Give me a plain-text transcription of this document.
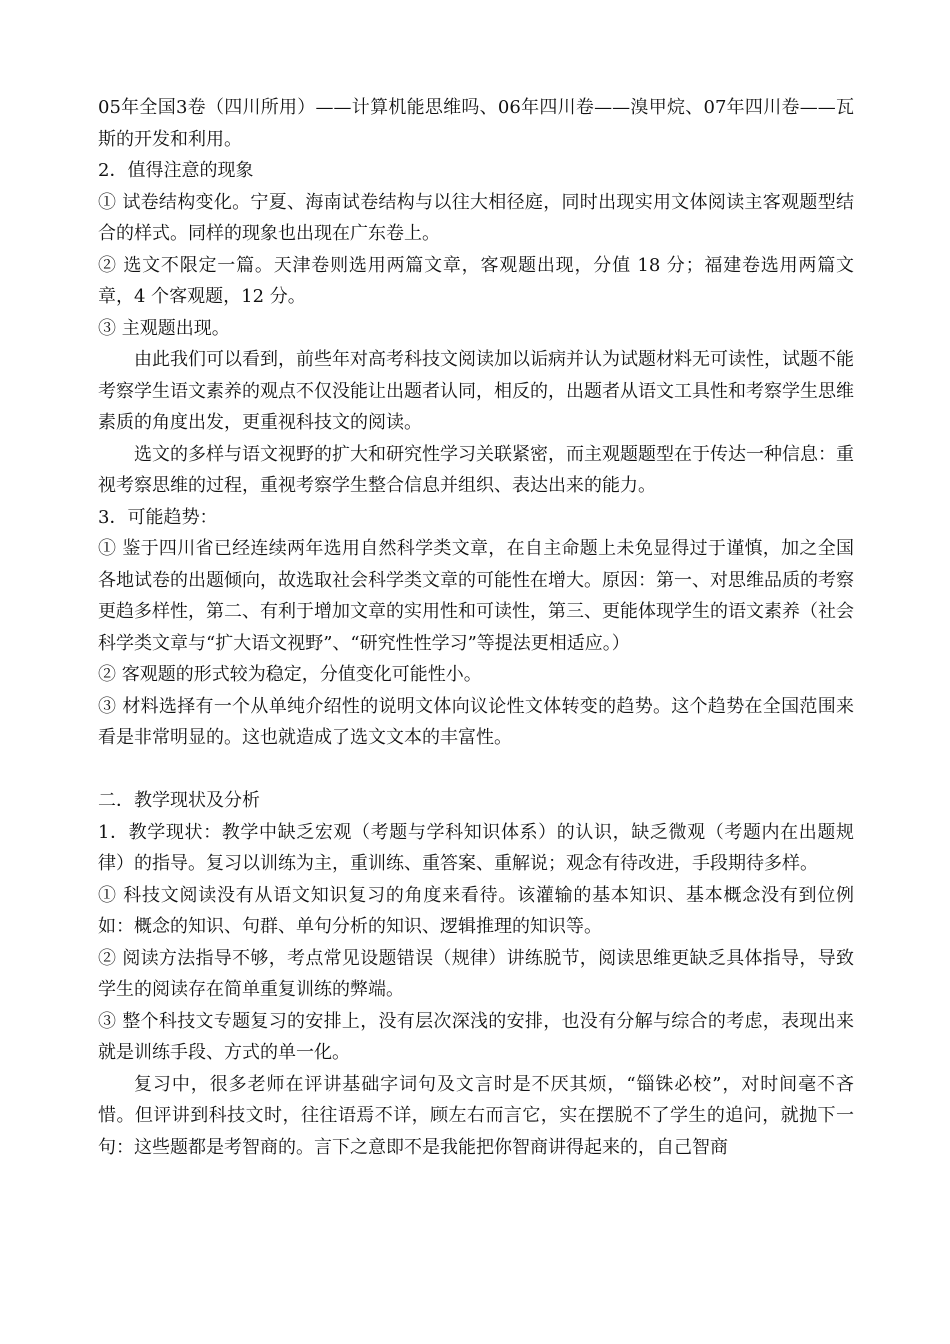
05年全国3卷（四川所用）——计算机能思维吗、06年四川卷——溴甲烷、07年四川卷——瓦斯的开发和利用。

2．值得注意的现象

① 试卷结构变化。宁夏、海南试卷结构与以往大相径庭，同时出现实用文体阅读主客观题型结合的样式。同样的现象也出现在广东卷上。

② 选文不限定一篇。天津卷则选用两篇文章，客观题出现，分值 18 分；福建卷选用两篇文章，4 个客观题，12 分。

③ 主观题出现。

由此我们可以看到，前些年对高考科技文阅读加以诟病并认为试题材料无可读性，试题不能考察学生语文素养的观点不仅没能让出题者认同，相反的，出题者从语文工具性和考察学生思维素质的角度出发，更重视科技文的阅读。

选文的多样与语文视野的扩大和研究性学习关联紧密，而主观题题型在于传达一种信息：重视考察思维的过程，重视考察学生整合信息并组织、表达出来的能力。

3．可能趋势：

① 鉴于四川省已经连续两年选用自然科学类文章，在自主命题上未免显得过于谨慎，加之全国各地试卷的出题倾向，故选取社会科学类文章的可能性在增大。原因：第一、对思维品质的考察更趋多样性，第二、有利于增加文章的实用性和可读性，第三、更能体现学生的语文素养（社会科学类文章与“扩大语文视野”、“研究性性学习”等提法更相适应。）

② 客观题的形式较为稳定，分值变化可能性小。

③ 材料选择有一个从单纯介绍性的说明文体向议论性文体转变的趋势。这个趋势在全国范围来看是非常明显的。这也就造成了选文文本的丰富性。

二．教学现状及分析

1．教学现状：教学中缺乏宏观（考题与学科知识体系）的认识，缺乏微观（考题内在出题规律）的指导。复习以训练为主，重训练、重答案、重解说；观念有待改进，手段期待多样。

① 科技文阅读没有从语文知识复习的角度来看待。该灌输的基本知识、基本概念没有到位例如：概念的知识、句群、单句分析的知识、逻辑推理的知识等。

② 阅读方法指导不够，考点常见设题错误（规律）讲练脱节，阅读思维更缺乏具体指导，导致学生的阅读存在简单重复训练的弊端。

③ 整个科技文专题复习的安排上，没有层次深浅的安排，也没有分解与综合的考虑，表现出来就是训练手段、方式的单一化。

复习中，很多老师在评讲基础字词句及文言时是不厌其烦，“锱铢必校”，对时间毫不吝惜。但评讲到科技文时，往往语焉不详，顾左右而言它，实在摆脱不了学生的追问，就抛下一句：这些题都是考智商的。言下之意即不是我能把你智商讲得起来的，自己智商
